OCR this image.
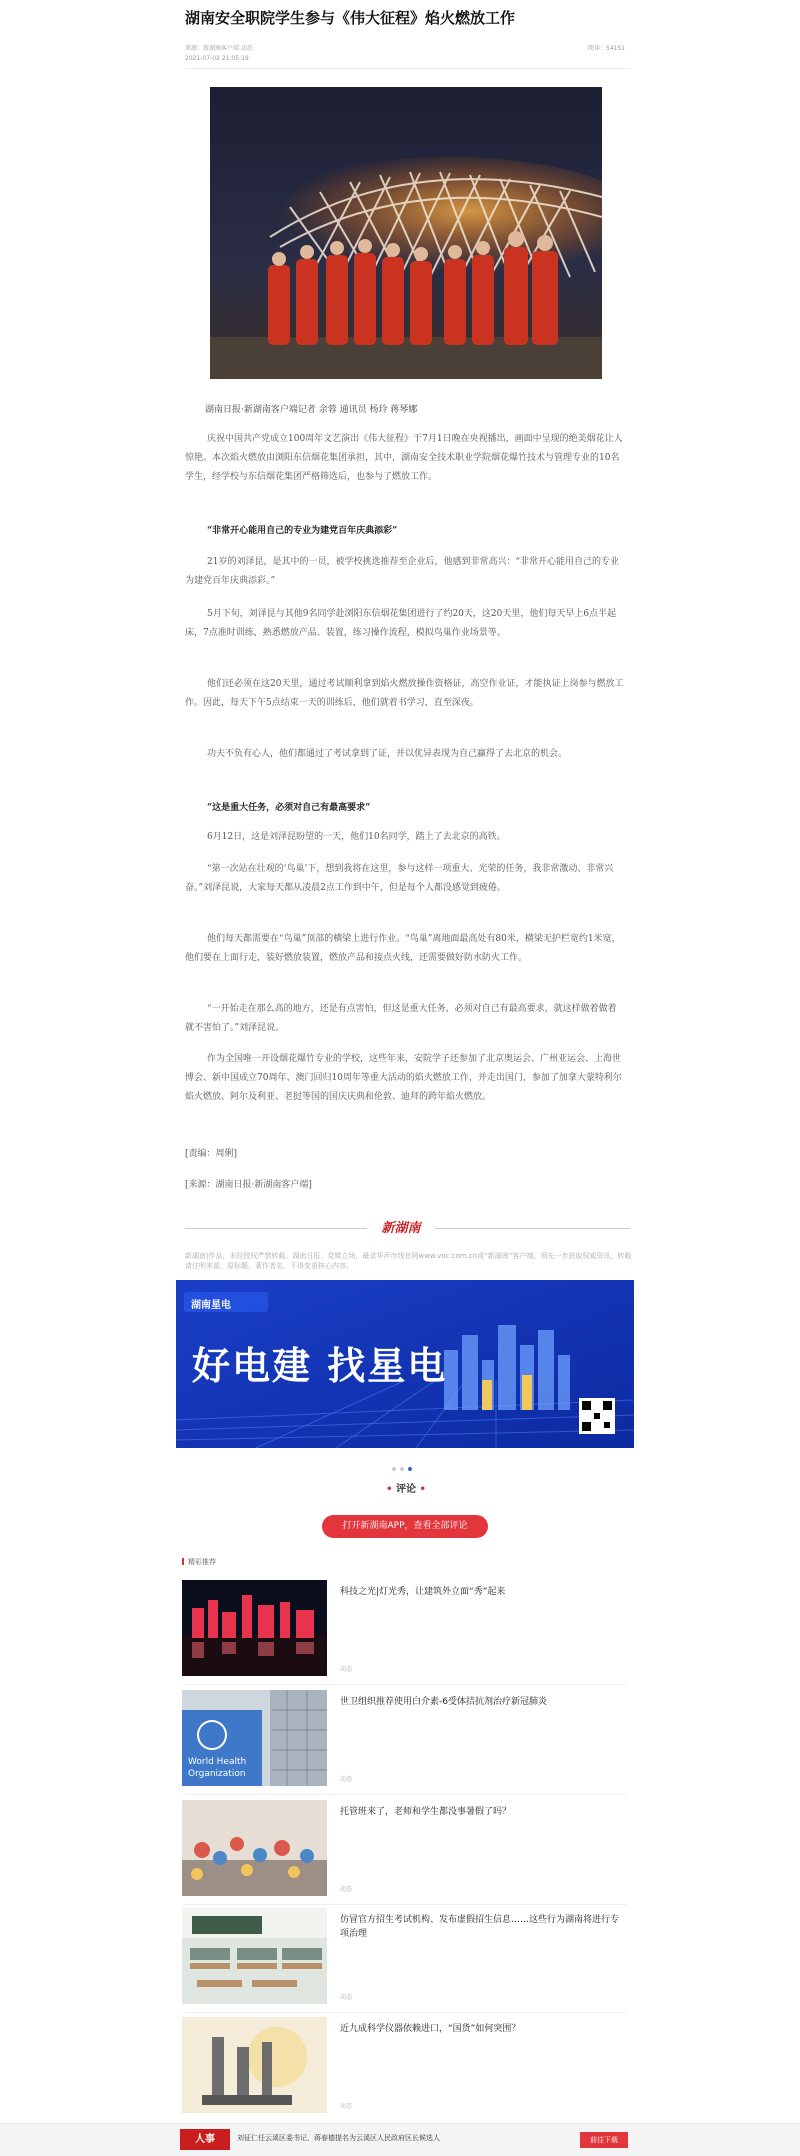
湖南安全职院学生参与《伟大征程》焰火燃放工作
来源：新湖南客户端 动态
2021-07-02 21:05:19
阅读：54151
湖南日报·新湖南客户端记者 余蓉 通讯员 杨玲 蒋琴娜

庆祝中国共产党成立100周年文艺演出《伟大征程》于7月1日晚在央视播出，画面中呈现的绝美烟花让人惊艳。本次焰火燃放由浏阳东信烟花集团承担，其中，湖南安全技术职业学院烟花爆竹技术与管理专业的10名学生，经学校与东信烟花集团严格筛选后，也参与了燃放工作。

“非常开心能用自己的专业为建党百年庆典添彩”

21岁的刘泽昆，是其中的一员，被学校挑选推荐至企业后，他感到非常高兴：“非常开心能用自己的专业为建党百年庆典添彩。”

5月下旬，刘泽昆与其他9名同学赴浏阳东信烟花集团进行了约20天，这20天里，他们每天早上6点半起床，7点准时训练，熟悉燃放产品、装置，练习操作流程，模拟鸟巢作业场景等。

他们还必须在这20天里，通过考试顺利拿到焰火燃放操作资格证，高空作业证，才能执证上岗参与燃放工作。因此，每天下午5点结束一天的训练后，他们就着书学习，直至深夜。

功夫不负有心人，他们都通过了考试拿到了证，并以优异表现为自己赢得了去北京的机会。

“这是重大任务，必须对自己有最高要求”

6月12日，这是刘泽昆盼望的一天，他们10名同学，踏上了去北京的高铁。

“第一次站在壮观的‘鸟巢’下，想到我将在这里，参与这样一项重大、光荣的任务，我非常激动、非常兴奋。”刘泽昆说，大家每天都从凌晨2点工作到中午，但是每个人都没感觉到疲倦。

他们每天都需要在“鸟巢”顶部的横梁上进行作业。“鸟巢”离地面最高处有80米，横梁无护栏宽约1米宽，他们要在上面行走，装好燃放装置，燃放产品和接点火线，还需要做好防水防火工作。

“一开始走在那么高的地方，还是有点害怕，但这是重大任务，必须对自己有最高要求，就这样做着做着就不害怕了。”刘泽昆说。

作为全国唯一开设烟花爆竹专业的学校，这些年来，安院学子还参加了北京奥运会、广州亚运会、上海世博会、新中国成立70周年、澳门回归10周年等重大活动的焰火燃放工作，并走出国门，参加了加拿大蒙特利尔焰火燃放、阿尔及利亚、老挝等国的国庆庆典和伦敦、迪拜的跨年焰火燃放。

[责编：周俐]
[来源：湖南日报·新湖南客户端]
新湖南
新湖南|作品，未经授权严禁转载。湖南日报，党媒立场，最录华声市线官网www.voc.com.cn或“新湖南”客户端。领先一步获取权威资讯，转载请注明来源，原标题、著作者名，不得变更核心内容。
湖南星电
好电建 找星电
• 评论 •
打开新湖南APP，查看全部评论
精彩推荐
科技之光|灯光秀，让建筑外立面“秀”起来
动态
World Health
Organization
世卫组织推荐使用白介素-6受体拮抗剂治疗新冠肺炎
动态
托管班来了，老师和学生都没事暑假了吗？
动态
仿冒官方招生考试机构、发布虚假招生信息……这些行为湖南将进行专项治理
动态
近九成科学仪器依赖进口，“国货”如何突围？
动态
人事	刘征仁任云溪区委书记，蒋春德提名为云溪区人民政府区长候选人	前往下载
